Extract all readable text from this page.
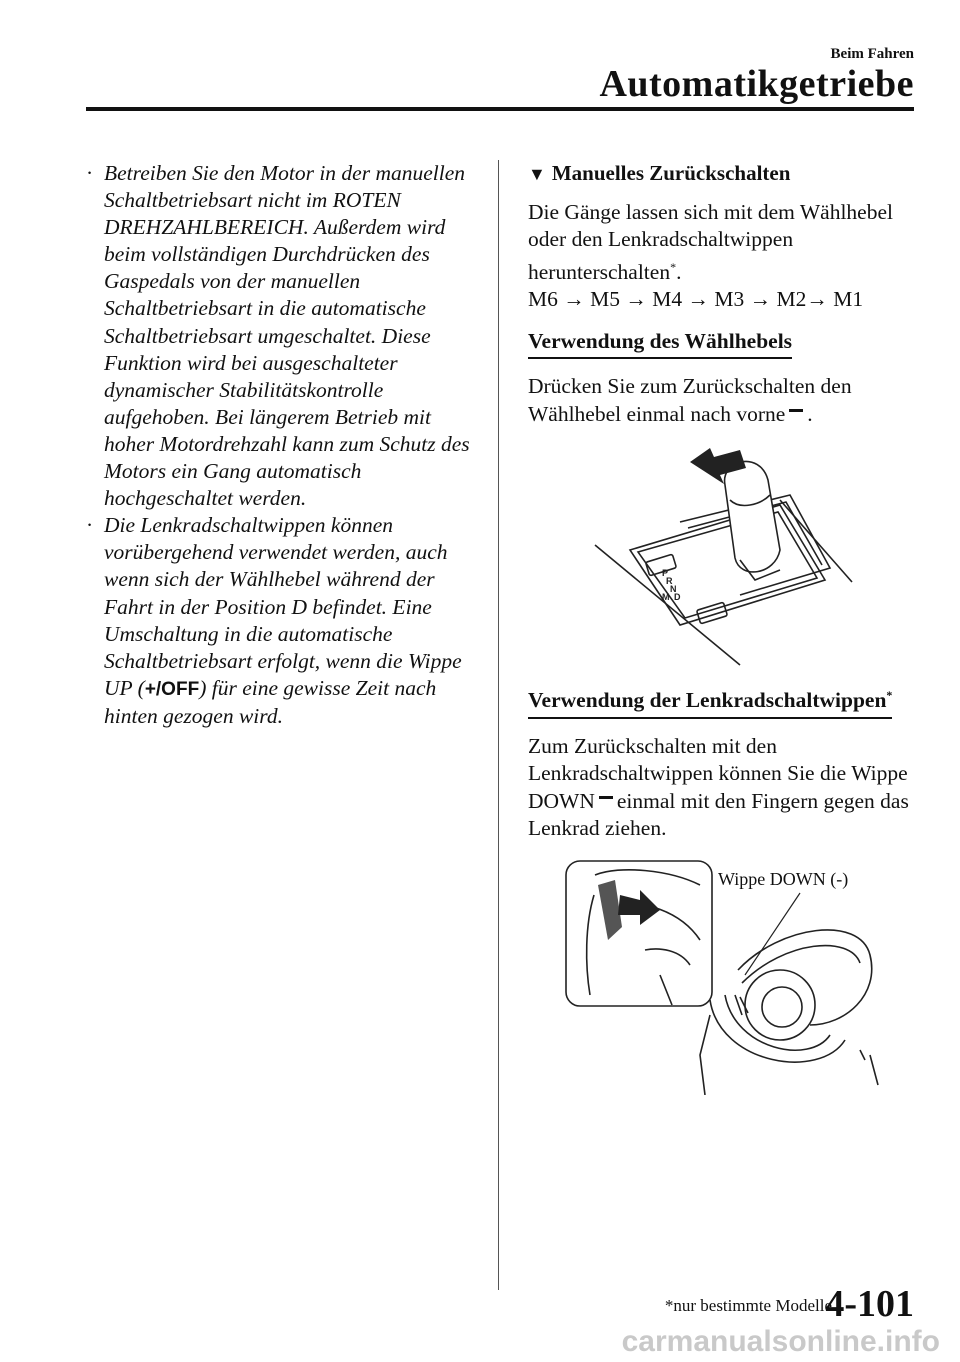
Beim Fahren
Automatikgetriebe
· Betreiben Sie den Motor in der manuellen Schaltbetriebsart nicht im ROTEN DREHZAHLBEREICH. Außerdem wird beim vollständigen Durchdrücken des Gaspedals von der manuellen Schaltbetriebsart in die automatische Schaltbetriebsart umgeschaltet. Diese Funktion wird bei ausgeschalteter dynamischer Stabilitätskontrolle aufgehoben. Bei längerem Betrieb mit hoher Motordrehzahl kann zum Schutz des Motors ein Gang automatisch hochgeschaltet werden.
· Die Lenkradschaltwippen können vorübergehend verwendet werden, auch wenn sich der Wählhebel während der Fahrt in der Position D befindet. Eine Umschaltung in die automatische Schaltbetriebsart erfolgt, wenn die Wippe UP (+/OFF) für eine gewisse Zeit nach hinten gezogen wird.
▼ Manuelles Zurückschalten
Die Gänge lassen sich mit dem Wählhebel oder den Lenkradschaltwippen herunterschalten*.
M6 → M5 → M4 → M3 → M2→ M1
Verwendung des Wählhebels
Drücken Sie zum Zurückschalten den Wählhebel einmal nach vorne .
P
R
N
D
M
Verwendung der Lenkradschaltwippen*
Zum Zurückschalten mit den Lenkradschaltwippen können Sie die Wippe DOWN einmal mit den Fingern gegen das Lenkrad ziehen.
Wippe DOWN (-)
*nur bestimmte Modelle
4-101
carmanualsonline.info
